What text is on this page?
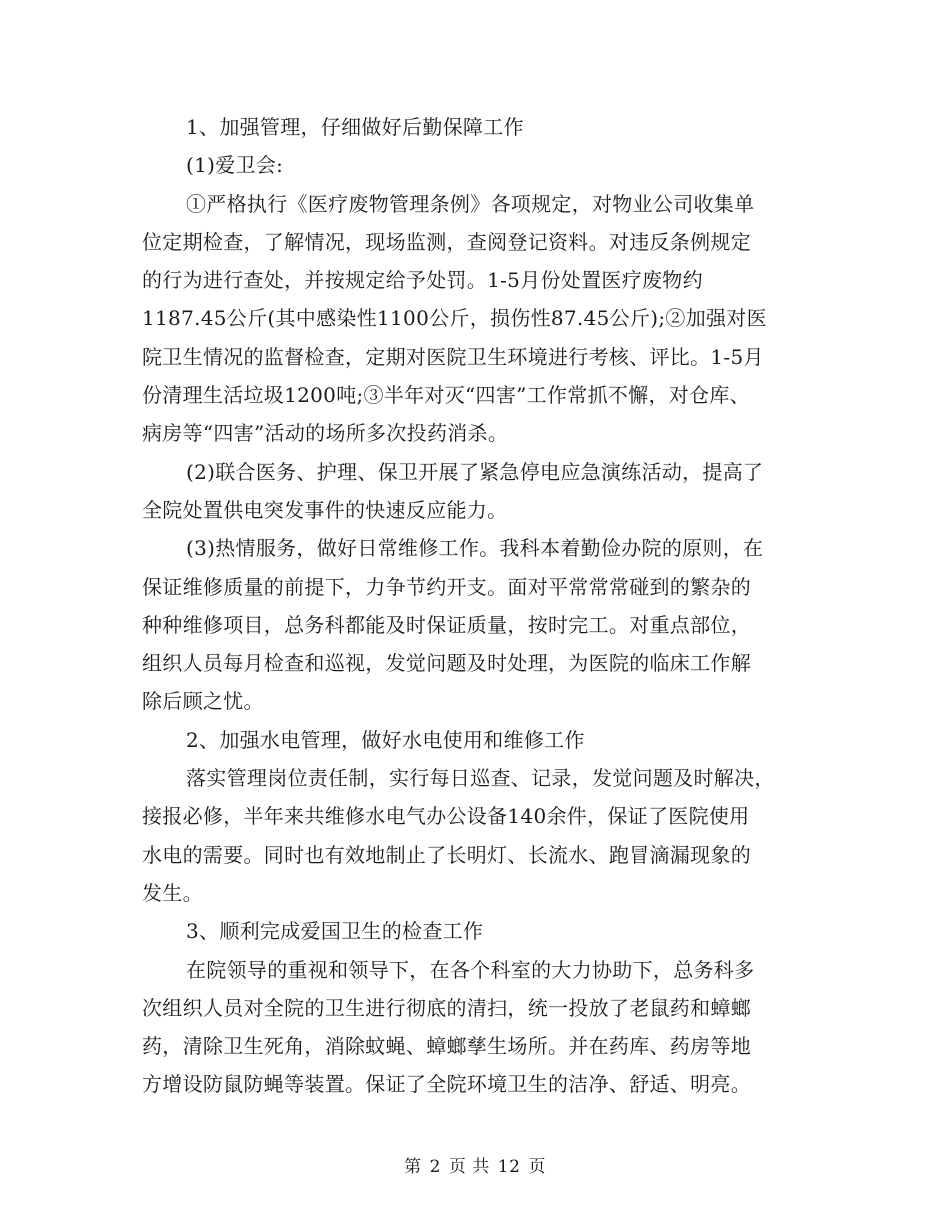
1、加强管理，仔细做好后勤保障工作
(1)爱卫会:
①严格执行《医疗废物管理条例》各项规定，对物业公司收集单
位定期检查，了解情况，现场监测，查阅登记资料。对违反条例规定
的行为进行查处，并按规定给予处罚。1-5月份处置医疗废物约
1187.45公斤(其中感染性1100公斤，损伤性87.45公斤);②加强对医
院卫生情况的监督检查，定期对医院卫生环境进行考核、评比。1-5月
份清理生活垃圾1200吨;③半年对灭“四害”工作常抓不懈，对仓库、
病房等“四害”活动的场所多次投药消杀。
(2)联合医务、护理、保卫开展了紧急停电应急演练活动，提高了
全院处置供电突发事件的快速反应能力。
(3)热情服务，做好日常维修工作。我科本着勤俭办院的原则，在
保证维修质量的前提下，力争节约开支。面对平常常常碰到的繁杂的
种种维修项目，总务科都能及时保证质量，按时完工。对重点部位，
组织人员每月检查和巡视，发觉问题及时处理，为医院的临床工作解
除后顾之忧。
2、加强水电管理，做好水电使用和维修工作
落实管理岗位责任制，实行每日巡查、记录，发觉问题及时解决，
接报必修，半年来共维修水电气办公设备140余件，保证了医院使用
水电的需要。同时也有效地制止了长明灯、长流水、跑冒滴漏现象的
发生。
3、顺利完成爱国卫生的检查工作
在院领导的重视和领导下，在各个科室的大力协助下，总务科多
次组织人员对全院的卫生进行彻底的清扫，统一投放了老鼠药和蟑螂
药，清除卫生死角，消除蚊蝇、蟑螂孳生场所。并在药库、药房等地
方增设防鼠防蝇等装置。保证了全院环境卫生的洁净、舒适、明亮。
第 2 页 共 12 页
